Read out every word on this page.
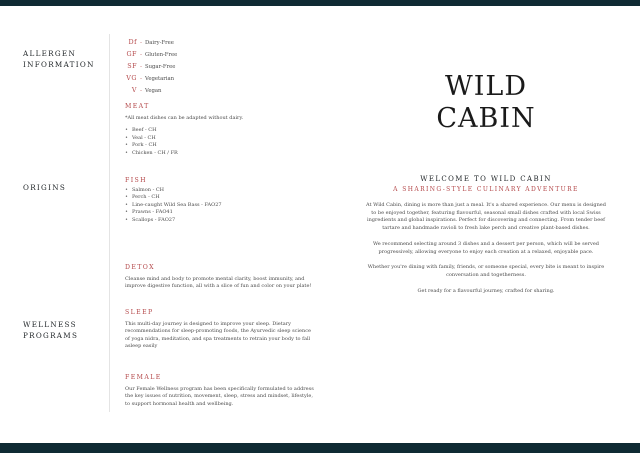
ALLERGEN
INFORMATION
ORIGINS
WELLNESS
PROGRAMS
Df - Dairy-Free
GF - Gluten-Free
SF - Sugar-Free
VG - Vegetarian
V - Vegan
MEAT
*All meat dishes can be adapted without dairy.
• Beef - CH
• Veal - CH
• Pork - CH
• Chicken - CH / FR
FISH
• Salmon - CH
• Perch - CH
• Line-caught Wild Sea Bass - FAO27
• Prawns - FAO41
• Scallops - FAO27
DETOX
Cleanse mind and body to promote mental clarity, boost immunity, and improve digestive function, all with a slice of fun and color on your plate!
SLEEP
This multi-day journey is designed to improve your sleep. Dietary recommendations for sleep-promoting foods, the Ayurvedic sleep science of yoga nidra, meditation, and spa treatments to retrain your body to fall asleep easily
FEMALE
Our Female Wellness program has been specifically formulated to address the key issues of nutrition, movement, sleep, stress and mindset, lifestyle, to support hormonal health and wellbeing.
WILD
CABIN
WELCOME TO WILD CABIN
A SHARING-STYLE CULINARY ADVENTURE
At Wild Cabin, dining is more than just a meal. It's a shared experience. Our menu is designed to be enjoyed together, featuring flavourful, seasonal small dishes crafted with local Swiss ingredients and global inspirations. Perfect for discovering and connecting. From tender beef tartare and handmade ravioli to fresh lake perch and creative plant-based dishes.
We recommend selecting around 3 dishes and a dessert per person, which will be served progressively, allowing everyone to enjoy each creation at a relaxed, enjoyable pace.
Whether you're dining with family, friends, or someone special, every bite is meant to inspire conversation and togetherness.
Get ready for a flavourful journey, crafted for sharing.
